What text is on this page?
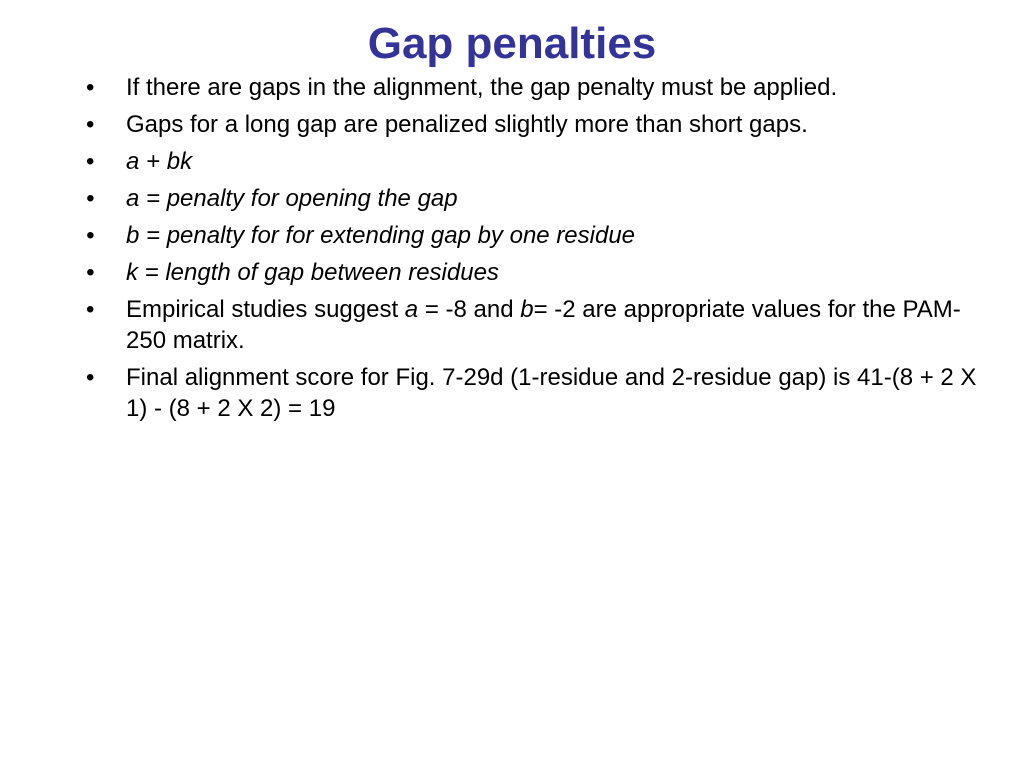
Gap penalties
• If there are gaps in the alignment, the gap penalty must be applied.
• Gaps for a long gap are penalized slightly more than short gaps.
• a + bk
• a = penalty for opening the gap
• b = penalty for for extending gap by one residue
• k = length of gap between residues
• Empirical studies suggest a = -8 and b= -2 are appropriate values for the PAM-250 matrix.
• Final alignment score for Fig. 7-29d (1-residue and 2-residue gap) is 41-(8 + 2 X 1) - (8 + 2 X 2) = 19
